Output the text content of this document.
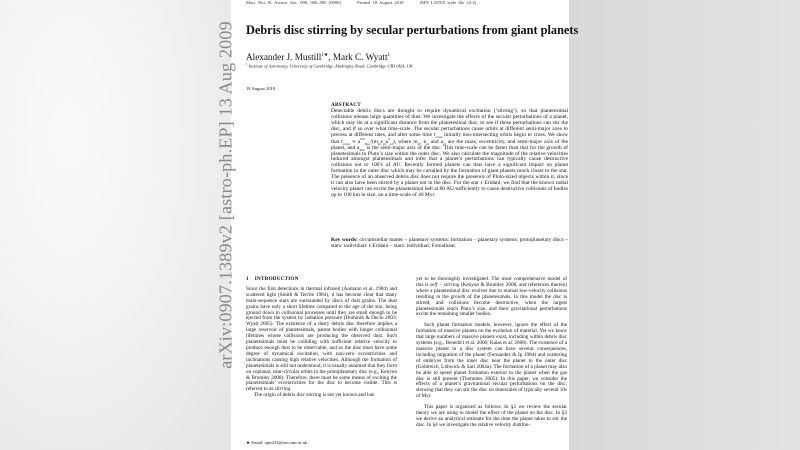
arXiv:0907.1389v2 [astro-ph.EP] 13 Aug 2009
Mon. Not. R. Astron. Soc. 000, 000–000 (0000)	Printed 18 August 2018	(MN LATEX style file v2.2)
Debris disc stirring by secular perturbations from giant planets
Alexander J. Mustill$^{1★}$, Mark C. Wyatt$^1$
$^1$ Institute of Astronomy, University of Cambridge, Madingley Road, Cambridge CB3 0HA, UK
18 August 2018
ABSTRACT

Detectable debris discs are thought to require dynamical excitation (‘stirring’), so that planetesimal collisions release large quantities of dust. We investigate the effects of the secular perturbations of a planet, which may lie at a significant distance from the planetesimal disc, to see if these perturbations can stir the disc, and if so over what time-scale. The secular perturbations cause orbits at different semi-major axes to precess at different rates, and after some time $t_{cross}$ initially non-intersecting orbits begin to cross. We show that $t_{cross} \propto a^{9/2}_{disc}/(m_{pl}e_{pl}a^3_{pl})$, where $m_{pl}$, $e_{pl}$ and $a_{pl}$ are the mass, eccentricity, and semi-major axis of the planet, and $a_{disc}$ is the semi-major axis of the disc. This time-scale can be faster than that for the growth of planetesimals to Pluto’s size within the outer disc. We also calculate the magnitude of the relative velocities induced amongst planetesimals and infer that a planet’s perturbations can typically cause destructive collisions out to 100’s of AU. Recently formed planets can thus have a significant impact on planet formation in the outer disc which may be curtailed by the formation of giant planets much closer to the star. The presence of an observed debris disc does not require the presence of Pluto-sized objects within it, since it can also have been stirred by a planet not in the disc. For the star ε Eridani, we find that the known radial velocity planet can excite the planetesimal belt at 60 AU sufficiently to cause destructive collisions of bodies up to 100 km in size, on a time-scale of 40 Myr.

Key words: circumstellar matter – planetary systems: formation – planetary systems: protoplanetary discs – stars: individual: ε Eridani – stars: individual: Fomalhaut.
1 INTRODUCTION

Since the first detections in thermal infrared (Aumann et al. 1984) and scattered light (Smith & Terrile 1984), it has become clear that many main-sequence stars are surrounded by discs of dust grains. The dust grains have only a short lifetime compared to the age of the star, being ground down in collisional processes until they are small enough to be ejected from the system by radiation pressure (Dominik & Decin 2003; Wyatt 2005). The existence of a dusty debris disc therefore implies a large reservoir of planetesimals, parent bodies with longer collisional lifetimes whose collisions are producing the observed dust. Such planetesimals must be colliding with sufficient relative velocity to produce enough dust to be observable, and so the disc must have some degree of dynamical excitation, with non-zero eccentricities and inclinations causing high relative velocities. Although the formation of planetesimals is still not understood, it is usually assumed that they form on coplanar, near-circular orbits in the protoplanetary disc (e.g., Kenyon & Bromley 2008). Therefore, there must be some means of exciting the planetesimals’ eccentricities for the disc to become visible. This is referred to as stirring.

The origin of debris disc stirring is not yet known and has

yet to be thoroughly investigated. The most comprehensive model of this is self − stirring (Kenyon & Bromley 2008, and references therein) where a planetesimal disc evolves due to mutual low-velocity collisions resulting in the growth of the planetesimals. In this model the disc is stirred, and collisions become destructive, when the largest planetesimals reach Pluto’s size, and their gravitational perturbations excite the remaining smaller bodies.

Such planet formation models, however, ignore the effect of the formation of massive planets on the evolution of material. Yet we know that large numbers of massive planets exist, including within debris disc systems (e.g., Benedict et al. 2006; Kalas et al. 2008). The existence of a massive planet in a disc system can have several consequences, including migration of the planet (Fernandez & Ip 1984) and scattering of embryos from the inner disc near the planet to the outer disc (Goldreich, Lithwick & Sari 2004a). The formation of a planet may also be able to speed planet formation exterior to the planet when the gas disc is still present (Thommes 2005). In this paper, we consider the effects of a planet’s gravitational secular perturbations on the disc, showing that they can stir the disc on timescales of typically several 10s of Myr.

This paper is organised as follows. In §2 we review the secular theory we are using to model the effect of the planet on the disc. In §3 we derive an analytical estimate for the time the planet takes to stir the disc. In §4 we investigate the relative velocity distribu-

★ Email: ajm233@ast.cam.ac.uk
